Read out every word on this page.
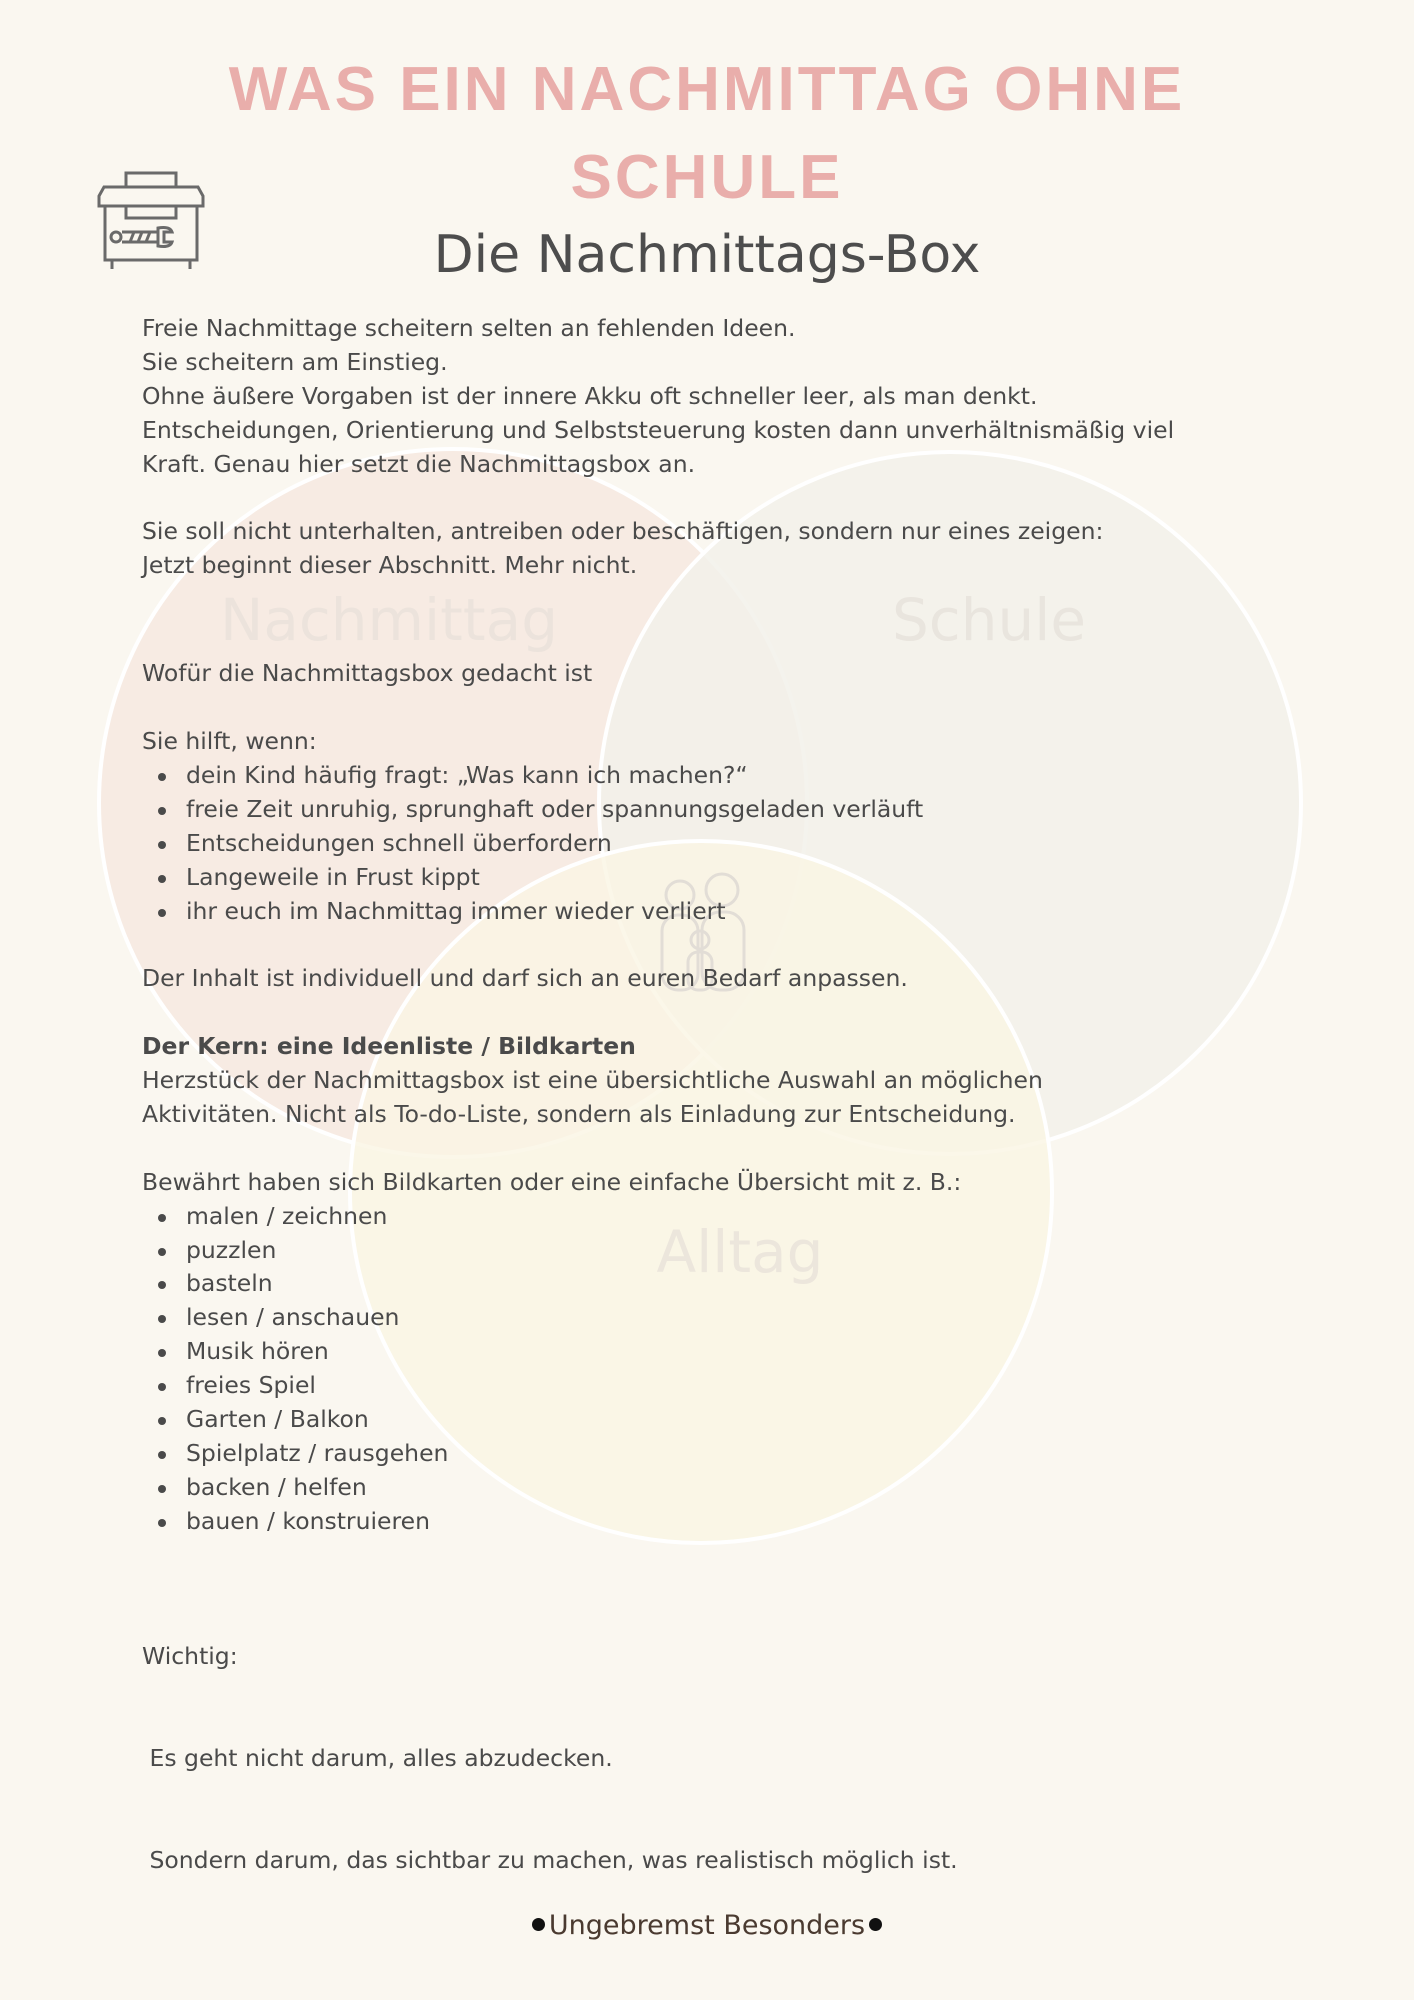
Nachmittag	Schule
Alltag
WAS EIN NACHMITTAG OHNE
SCHULE
Die Nachmittags-Box

Freie Nachmittage scheitern selten an fehlenden Ideen.
Sie scheitern am Einstieg.
Ohne äußere Vorgaben ist der innere Akku oft schneller leer, als man denkt.
Entscheidungen, Orientierung und Selbststeuerung kosten dann unverhältnismäßig viel
Kraft. Genau hier setzt die Nachmittagsbox an.

Sie soll nicht unterhalten, antreiben oder beschäftigen, sondern nur eines zeigen:
Jetzt beginnt dieser Abschnitt. Mehr nicht.

Wofür die Nachmittagsbox gedacht ist

Sie hilft, wenn:
dein Kind häufig fragt: „Was kann ich machen?“
freie Zeit unruhig, sprunghaft oder spannungsgeladen verläuft
Entscheidungen schnell überfordern
Langeweile in Frust kippt
ihr euch im Nachmittag immer wieder verliert

Der Inhalt ist individuell und darf sich an euren Bedarf anpassen.

Der Kern: eine Ideenliste / Bildkarten
Herzstück der Nachmittagsbox ist eine übersichtliche Auswahl an möglichen
Aktivitäten. Nicht als To-do-Liste, sondern als Einladung zur Entscheidung.

Bewährt haben sich Bildkarten oder eine einfache Übersicht mit z. B.:
malen / zeichnen
puzzlen
basteln
lesen / anschauen
Musik hören
freies Spiel
Garten / Balkon
Spielplatz / rausgehen
backen / helfen
bauen / konstruieren

Wichtig:

Es geht nicht darum, alles abzudecken.

Sondern darum, das sichtbar zu machen, was realistisch möglich ist.

Ungebremst Besonders
